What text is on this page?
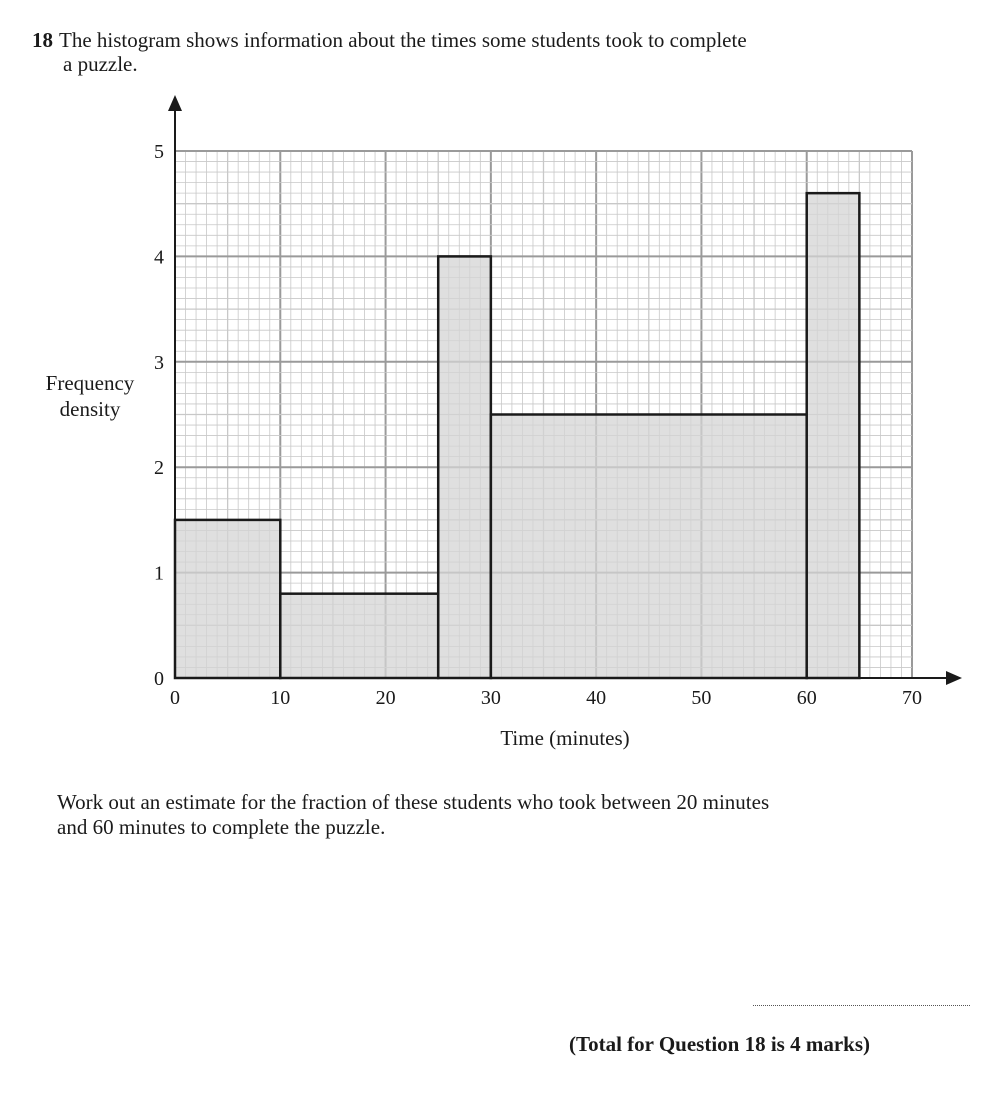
18 The histogram shows information about the times some students took to complete
a puzzle.
0	10	20	30	40	50	60	70
0
1
2
3
4
5
Frequency
density
Time (minutes)
Work out an estimate for the fraction of these students who took between 20 minutes
and 60 minutes to complete the puzzle.
(Total for Question 18 is 4 marks)
